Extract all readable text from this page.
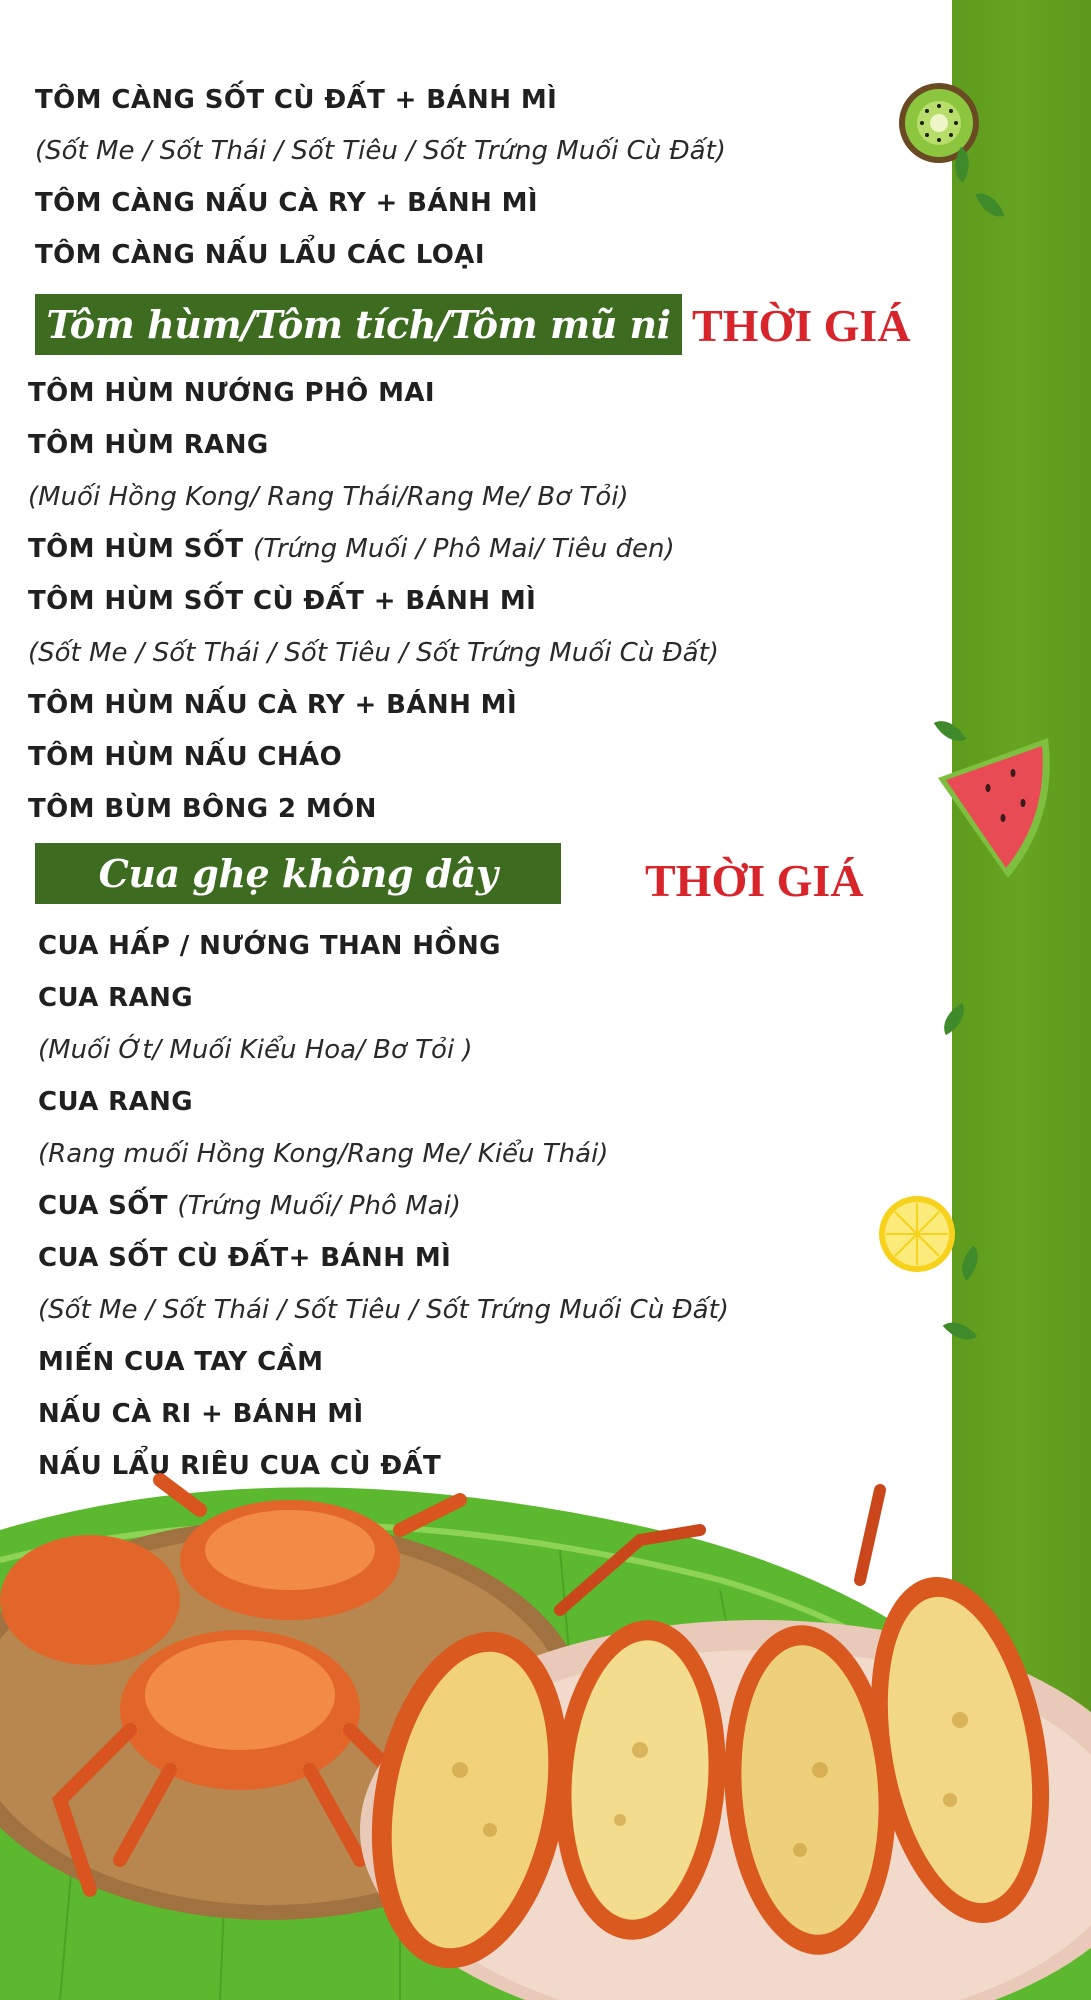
TÔM CÀNG SỐT CÙ ĐẤT + BÁNH MÌ
(Sốt Me / Sốt Thái / Sốt Tiêu / Sốt Trứng Muối Cù Đất)
TÔM CÀNG NẤU CÀ RY + BÁNH MÌ
TÔM CÀNG NẤU LẨU CÁC LOẠI
Tôm hùm/Tôm tích/Tôm mũ ni THỜI GIÁ
TÔM HÙM NƯỚNG PHÔ MAI
TÔM HÙM RANG
(Muối Hồng Kong/ Rang Thái/Rang Me/ Bơ Tỏi)
TÔM HÙM SỐT (Trứng Muối / Phô Mai/ Tiêu đen)
TÔM HÙM SỐT CÙ ĐẤT + BÁNH MÌ
(Sốt Me / Sốt Thái / Sốt Tiêu / Sốt Trứng Muối Cù Đất)
TÔM HÙM NẤU CÀ RY + BÁNH MÌ
TÔM HÙM NẤU CHÁO
TÔM BÙM BÔNG 2 MÓN
Cua ghẹ không dây	THỜI GIÁ
CUA HẤP / NƯỚNG THAN HỒNG
CUA RANG
(Muối Ớt/ Muối Kiểu Hoa/ Bơ Tỏi )
CUA RANG
(Rang muối Hồng Kong/Rang Me/ Kiểu Thái)
CUA SỐT (Trứng Muối/ Phô Mai)
CUA SỐT CÙ ĐẤT+ BÁNH MÌ
(Sốt Me / Sốt Thái / Sốt Tiêu / Sốt Trứng Muối Cù Đất)
MIẾN CUA TAY CẦM
NẤU CÀ RI + BÁNH MÌ
NẤU LẨU RIÊU CUA CÙ ĐẤT
